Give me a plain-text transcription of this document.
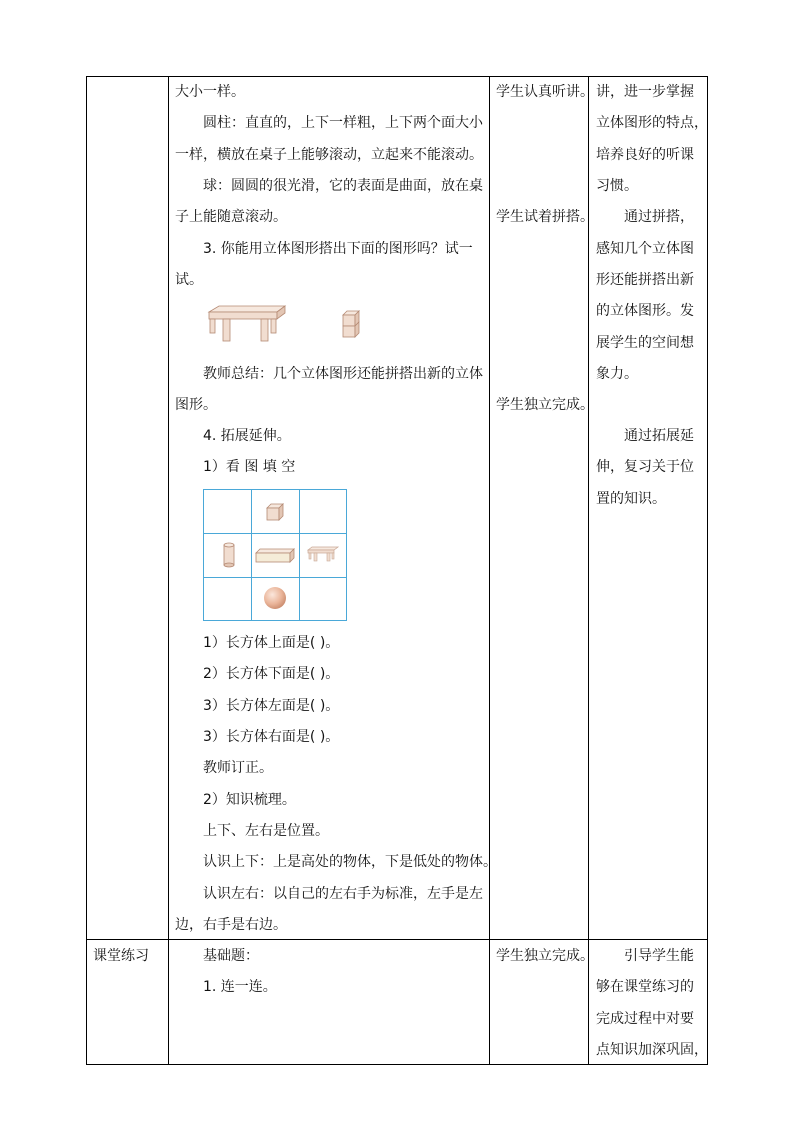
大小一样。
圆柱：直直的，上下一样粗，上下两个面大小
一样，横放在桌子上能够滚动，立起来不能滚动。
球：圆圆的很光滑，它的表面是曲面，放在桌
子上能随意滚动。
3. 你能用立体图形搭出下面的图形吗？试一
试。
教师总结：几个立体图形还能拼搭出新的立体
图形。
4. 拓展延伸。
1）看 图 填 空
1）长方体上面是( )。
2）长方体下面是( )。
3）长方体左面是( )。
3）长方体右面是( )。
教师订正。
2）知识梳理。
上下、左右是位置。
认识上下：上是高处的物体，下是低处的物体。
认识左右：以自己的左右手为标准，左手是左
边，右手是右边。
学生认真听讲。
学生试着拼搭。
学生独立完成。
讲，进一步掌握
立体图形的特点，
培养良好的听课
习惯。
通过拼搭，
感知几个立体图
形还能拼搭出新
的立体图形。发
展学生的空间想
象力。
通过拓展延
伸，复习关于位
置的知识。
课堂练习	基础题：
1. 连一连。
学生独立完成。 引导学生能
够在课堂练习的
完成过程中对要
点知识加深巩固，
